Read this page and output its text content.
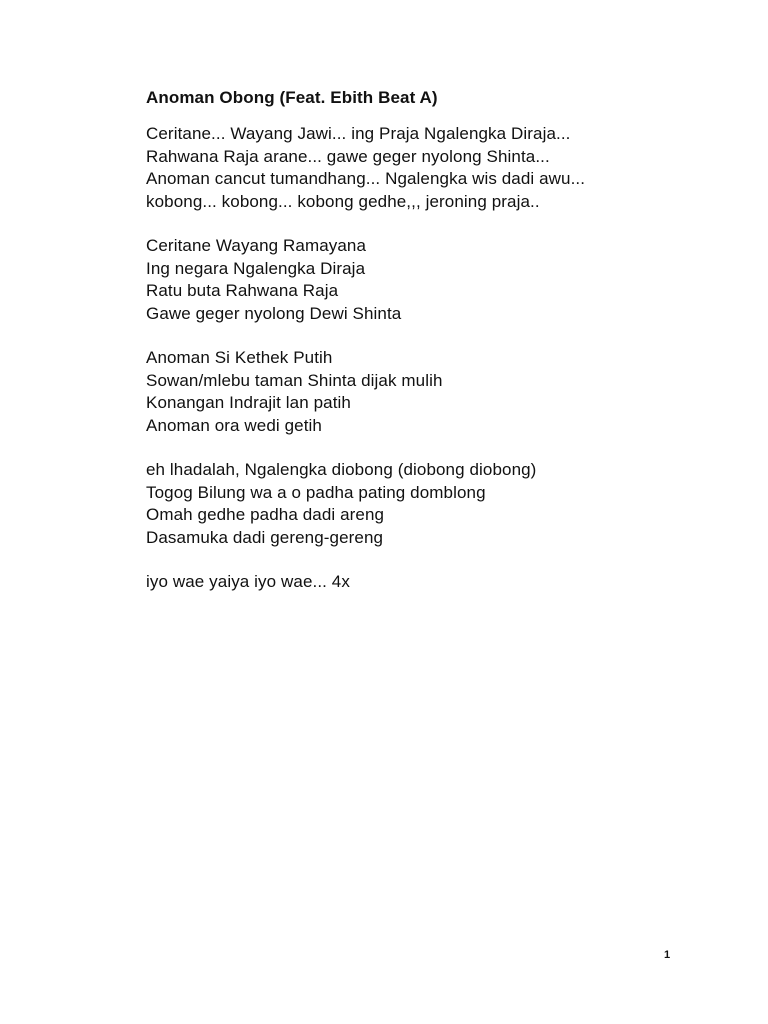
Anoman Obong (Feat. Ebith Beat A)
Ceritane... Wayang Jawi... ing Praja Ngalengka Diraja...
Rahwana Raja arane... gawe geger nyolong Shinta...
Anoman cancut tumandhang... Ngalengka wis dadi awu...
kobong... kobong... kobong gedhe,,, jeroning praja..
Ceritane Wayang Ramayana
Ing negara Ngalengka Diraja
Ratu buta Rahwana Raja
Gawe geger nyolong Dewi Shinta
Anoman Si Kethek Putih
Sowan/mlebu taman Shinta dijak mulih
Konangan Indrajit lan patih
Anoman ora wedi getih
eh lhadalah, Ngalengka diobong (diobong diobong)
Togog Bilung wa a o padha pating domblong
Omah gedhe padha dadi areng
Dasamuka dadi gereng-gereng
iyo wae yaiya iyo wae... 4x
1
